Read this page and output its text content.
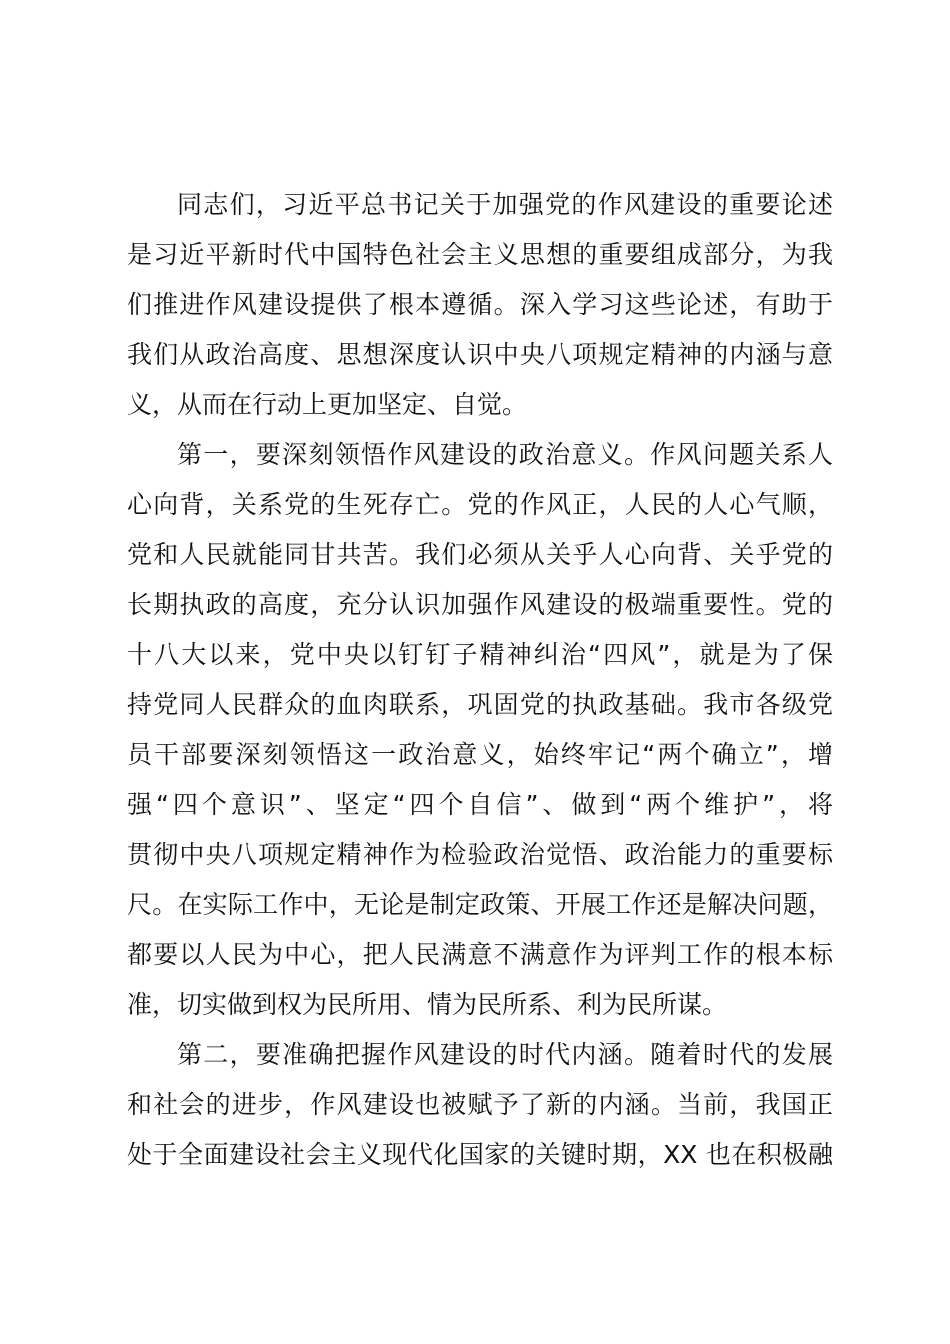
同志们，习近平总书记关于加强党的作风建设的重要论述
是习近平新时代中国特色社会主义思想的重要组成部分，为我
们推进作风建设提供了根本遵循。深入学习这些论述，有助于
我们从政治高度、思想深度认识中央八项规定精神的内涵与意
义，从而在行动上更加坚定、自觉。
第一，要深刻领悟作风建设的政治意义。作风问题关系人
心向背，关系党的生死存亡。党的作风正，人民的人心气顺，
党和人民就能同甘共苦。我们必须从关乎人心向背、关乎党的
长期执政的高度，充分认识加强作风建设的极端重要性。党的
十八大以来，党中央以钉钉子精神纠治“四风”，就是为了保
持党同人民群众的血肉联系，巩固党的执政基础。我市各级党
员干部要深刻领悟这一政治意义，始终牢记“两个确立”，增
强“四个意识”、坚定“四个自信”、做到“两个维护”，将
贯彻中央八项规定精神作为检验政治觉悟、政治能力的重要标
尺。在实际工作中，无论是制定政策、开展工作还是解决问题，
都要以人民为中心，把人民满意不满意作为评判工作的根本标
准，切实做到权为民所用、情为民所系、利为民所谋。
第二，要准确把握作风建设的时代内涵。随着时代的发展
和社会的进步，作风建设也被赋予了新的内涵。当前，我国正
处于全面建设社会主义现代化国家的关键时期，XX 也在积极融
